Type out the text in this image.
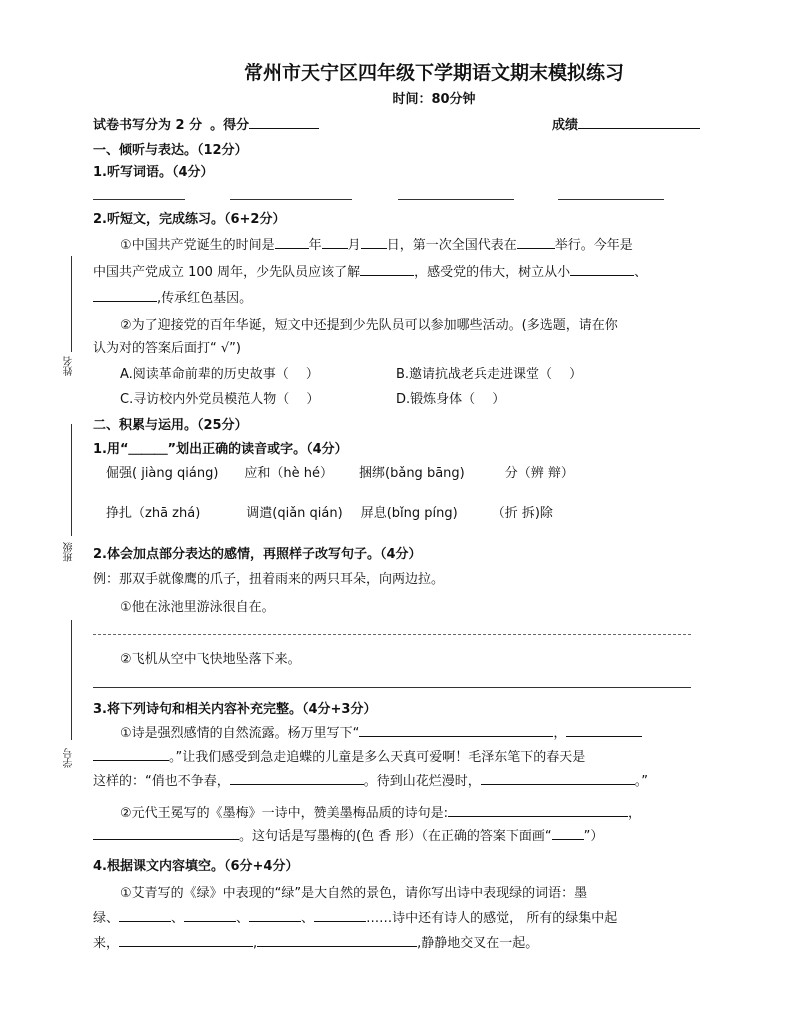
姓名
班级
学号
常州市天宁区四年级下学期语文期末模拟练习
时间：80分钟
试卷书写分为 2 分 。得分	成绩
一、倾听与表达。（12分）
1.听写词语。（4分）
2.听短文，完成练习。（6+2分）
①中国共产党诞生的时间是	年 月 日，第一次全国代表在	举行。今年是
中国共产党成立 100 周年，少先队员应该了解	，感受党的伟大，树立从小	、
,传承红色基因。
②为了迎接党的百年华诞，短文中还提到少先队员可以参加哪些活动。(多选题，请在你
认为对的答案后面打“ √”)
A.阅读革命前辈的历史故事（　 ）	B.邀请抗战老兵走进课堂（　 ）
C.寻访校内外党员模范人物（　 ）	D.锻炼身体（　 ）
二、积累与运用。（25分）
1.用“＿＿＿”划出正确的读音或字。（4分）
倔强( jiàng qiáng) 应和（hè hé） 捆绑(bǎng bāng)	分（辨 辩）
挣扎（zhā zhá)	调遣(qiǎn qián) 屏息(bǐng píng)	（折 拆)除
2.体会加点部分表达的感情，再照样子改写句子。（4分）
例：那双手就像鹰的爪子，扭着雨来的两只耳朵，向两边拉。
①他在泳池里游泳很自在。
②飞机从空中飞快地坠落下来。
3.将下列诗句和相关内容补充完整。（4分+3分）
①诗是强烈感情的自然流露。杨万里写下“	，
。”让我们感受到急走追蝶的儿童是多么天真可爱啊！毛泽东笔下的春天是
这样的：“俏也不争春，	。待到山花烂漫时，	。”
②元代王冕写的《墨梅》一诗中，赞美墨梅品质的诗句是:	，
。这句话是写墨梅的(色 香 形）（在正确的答案下面画“ ”）
4.根据课文内容填空。（6分+4分）
①艾青写的《绿》中表现的“绿”是大自然的景色，请你写出诗中表现绿的词语：墨
绿、	、	、	、	……诗中还有诗人的感觉， 所有的绿集中起
来，	,	,静静地交叉在一起。
